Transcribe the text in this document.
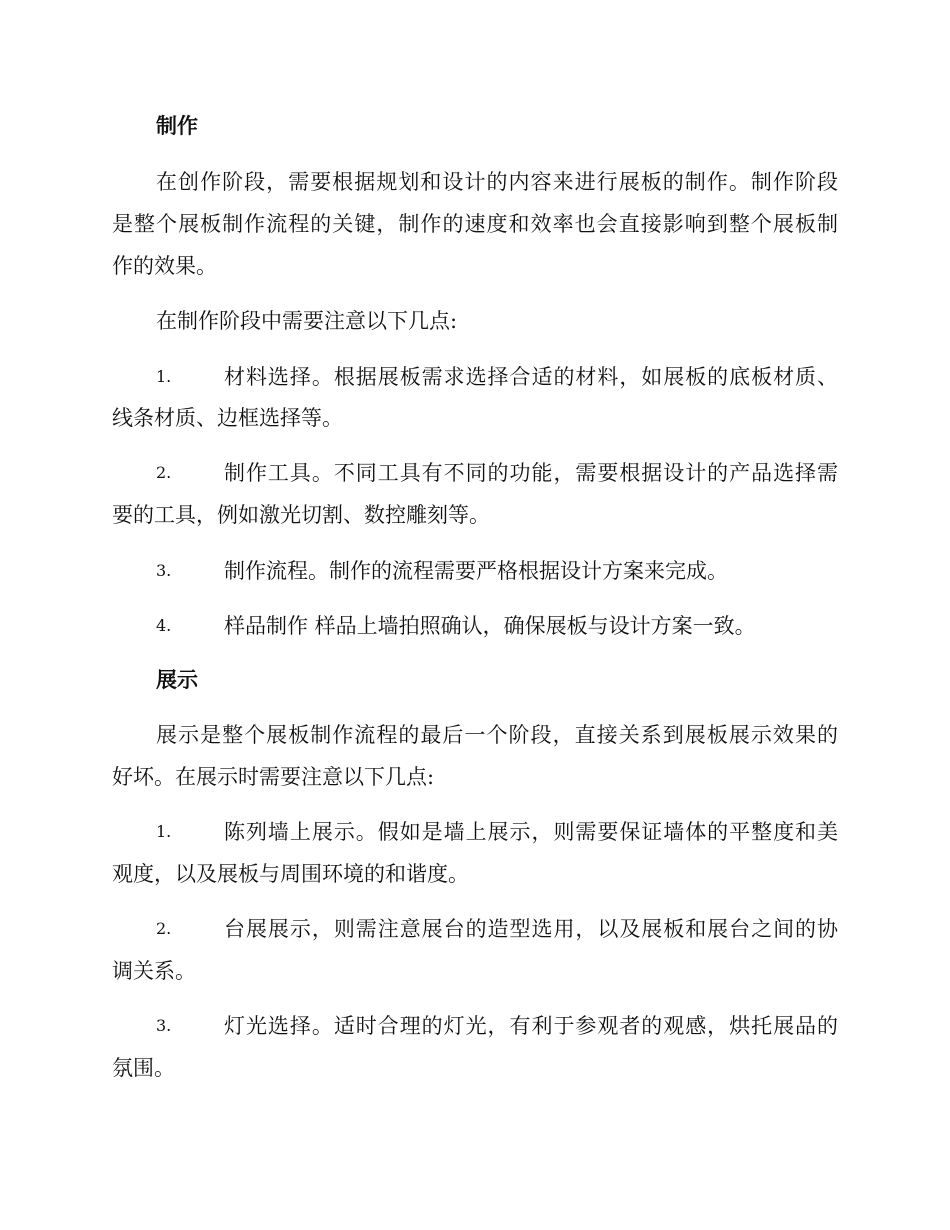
制作
在创作阶段，需要根据规划和设计的内容来进行展板的制作。制作阶段
是整个展板制作流程的关键，制作的速度和效率也会直接影响到整个展板制
作的效果。
在制作阶段中需要注意以下几点:
1.	材料选择。根据展板需求选择合适的材料，如展板的底板材质、
线条材质、边框选择等。
2.	制作工具。不同工具有不同的功能，需要根据设计的产品选择需
要的工具，例如激光切割、数控雕刻等。
3.	制作流程。制作的流程需要严格根据设计方案来完成。
4.	样品制作 样品上墙拍照确认，确保展板与设计方案一致。
展示
展示是整个展板制作流程的最后一个阶段，直接关系到展板展示效果的
好坏。在展示时需要注意以下几点:
1.	陈列墙上展示。假如是墙上展示，则需要保证墙体的平整度和美
观度，以及展板与周围环境的和谐度。
2.	台展展示，则需注意展台的造型选用，以及展板和展台之间的协
调关系。
3.	灯光选择。适时合理的灯光，有利于参观者的观感，烘托展品的
氛围。
